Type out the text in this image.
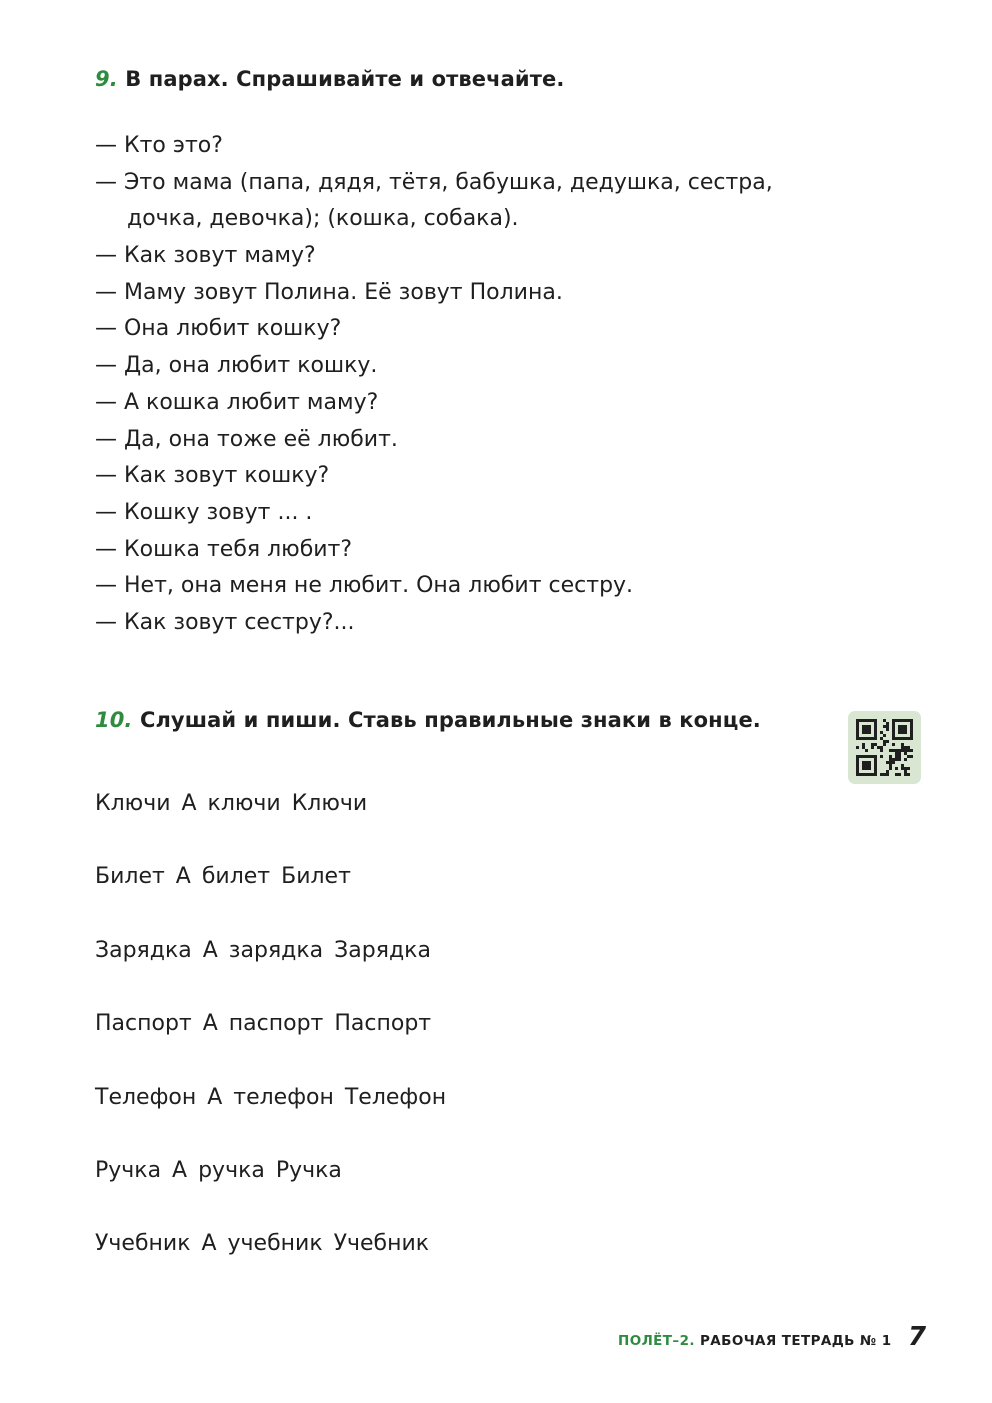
9. В парах. Спрашивайте и отвечайте.
— Кто это?
— Это мама (папа, дядя, тётя, бабушка, дедушка, сестра,
дочка, девочка); (кошка, собака).
— Как зовут маму?
— Маму зовут Полина. Её зовут Полина.
— Она любит кошку?
— Да, она любит кошку.
— А кошка любит маму?
— Да, она тоже её любит.
— Как зовут кошку?
— Кошку зовут ... .
— Кошка тебя любит?
— Нет, она меня не любит. Она любит сестру.
— Как зовут сестру?...
10. Слушай и пиши. Ставь правильные знаки в конце.
Ключи А ключи Ключи
Билет А билет Билет
Зарядка А зарядка Зарядка
Паспорт А паспорт Паспорт
Телефон А телефон Телефон
Ручка А ручка Ручка
Учебник А учебник Учебник
ПОЛЁТ–2. РАБОЧАЯ ТЕТРАДЬ № 1 7
